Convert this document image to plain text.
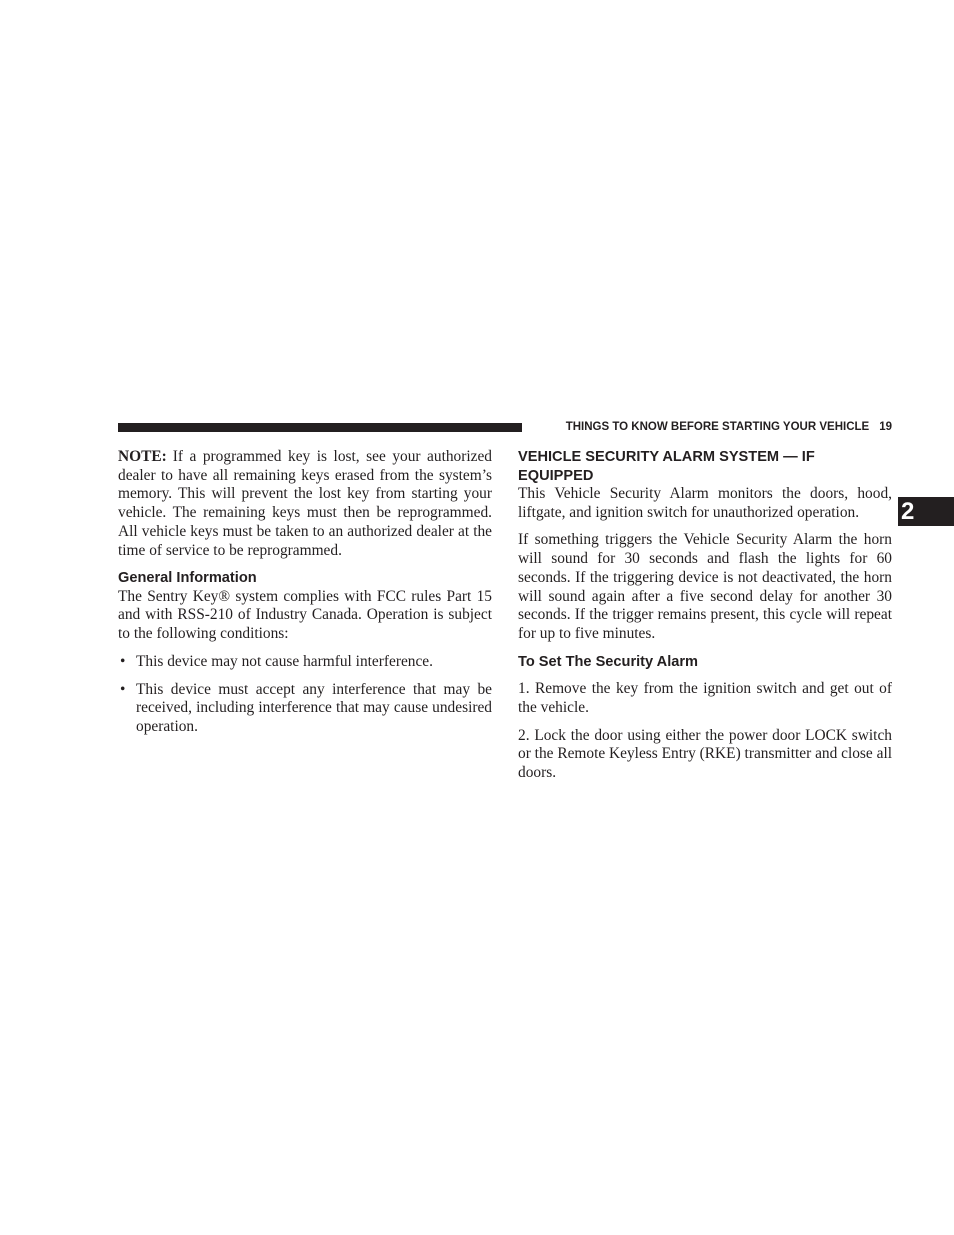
THINGS TO KNOW BEFORE STARTING YOUR VEHICLE 19
2

NOTE: If a programmed key is lost, see your authorized dealer to have all remaining keys erased from the system’s memory. This will prevent the lost key from starting your vehicle. The remaining keys must then be reprogrammed. All vehicle keys must be taken to an authorized dealer at the time of service to be reprogrammed.

General Information

The Sentry Key® system complies with FCC rules Part 15 and with RSS-210 of Industry Canada. Operation is subject to the following conditions:

• This device may not cause harmful interference.
• This device must accept any interference that may be received, including interference that may cause undesired operation.
VEHICLE SECURITY ALARM SYSTEM — IF EQUIPPED

This Vehicle Security Alarm monitors the doors, hood, liftgate, and ignition switch for unauthorized operation.

If something triggers the Vehicle Security Alarm the horn will sound for 30 seconds and flash the lights for 60 seconds. If the triggering device is not deactivated, the horn will sound again after a five second delay for another 30 seconds. If the trigger remains present, this cycle will repeat for up to five minutes.

To Set The Security Alarm

1. Remove the key from the ignition switch and get out of the vehicle.

2. Lock the door using either the power door LOCK switch or the Remote Keyless Entry (RKE) transmitter and close all doors.
